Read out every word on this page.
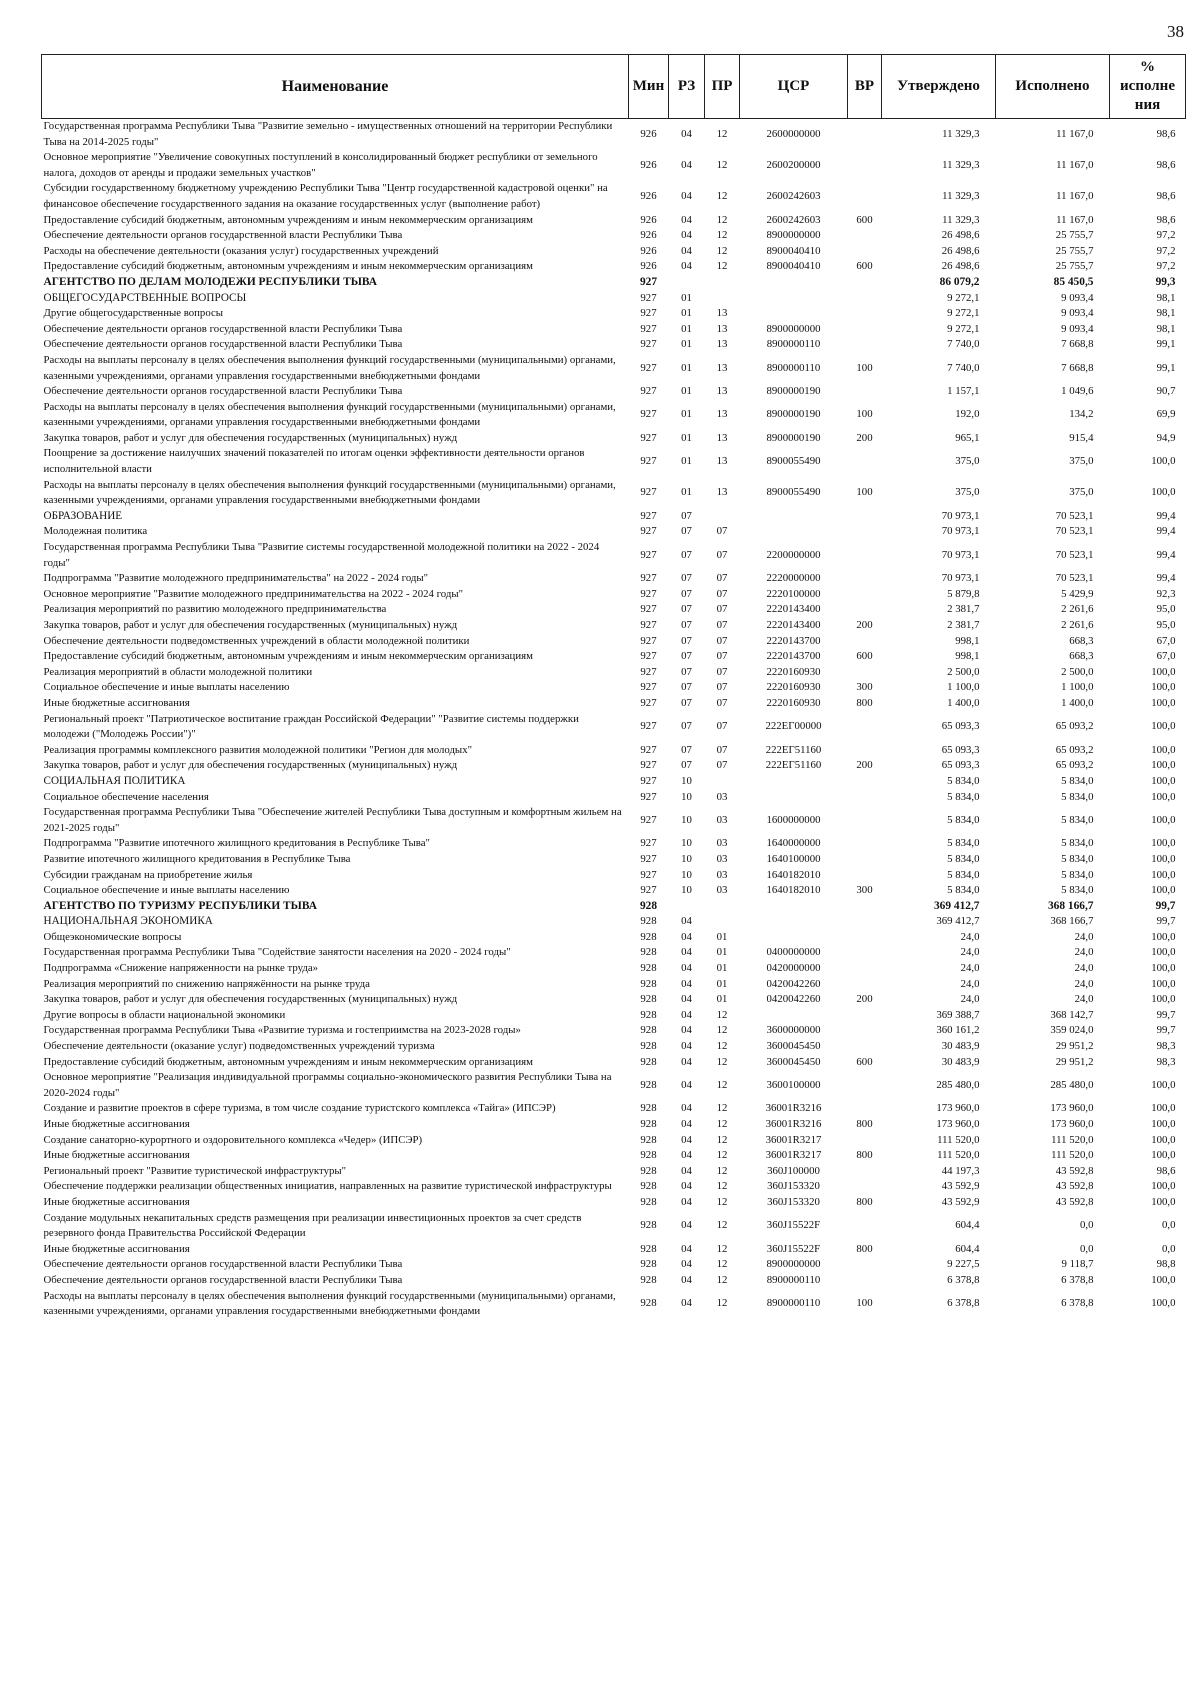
38
Наименование	Мин	РЗ	ПР	ЦСР	ВР	Утверждено	Исполнено	% исполне ния
Государственная программа Республики Тыва "Развитие земельно - имущественных отношений на территории Республики Тыва на 2014-2025 годы"	926	04	12	2600000000		11 329,3	11 167,0	98,6
Основное мероприятие "Увеличение совокупных поступлений в консолидированный бюджет республики от земельного налога, доходов от аренды и продажи земельных участков"	926	04	12	2600200000		11 329,3	11 167,0	98,6
Субсидии государственному бюджетному учреждению Республики Тыва "Центр государственной кадастровой оценки" на финансовое обеспечение государственного задания на оказание государственных услуг (выполнение работ)	926	04	12	2600242603		11 329,3	11 167,0	98,6
Предоставление субсидий бюджетным, автономным учреждениям и иным некоммерческим организациям	926	04	12	2600242603	600	11 329,3	11 167,0	98,6
Обеспечение деятельности органов государственной власти Республики Тыва	926	04	12	8900000000		26 498,6	25 755,7	97,2
Расходы на обеспечение деятельности (оказания услуг) государственных учреждений	926	04	12	8900040410		26 498,6	25 755,7	97,2
Предоставление субсидий бюджетным, автономным учреждениям и иным некоммерческим организациям	926	04	12	8900040410	600	26 498,6	25 755,7	97,2
АГЕНТСТВО ПО ДЕЛАМ МОЛОДЕЖИ РЕСПУБЛИКИ ТЫВА	927					86 079,2	85 450,5	99,3
ОБЩЕГОСУДАРСТВЕННЫЕ ВОПРОСЫ	927	01				9 272,1	9 093,4	98,1
Другие общегосударственные вопросы	927	01	13			9 272,1	9 093,4	98,1
Обеспечение деятельности органов государственной власти Республики Тыва	927	01	13	8900000000		9 272,1	9 093,4	98,1
Обеспечение деятельности органов государственной власти Республики Тыва	927	01	13	8900000110		7 740,0	7 668,8	99,1
Расходы на выплаты персоналу в целях обеспечения выполнения функций государственными (муниципальными) органами, казенными учреждениями, органами управления государственными внебюджетными фондами	927	01	13	8900000110	100	7 740,0	7 668,8	99,1
Обеспечение деятельности органов государственной власти Республики Тыва	927	01	13	8900000190		1 157,1	1 049,6	90,7
Расходы на выплаты персоналу в целях обеспечения выполнения функций государственными (муниципальными) органами, казенными учреждениями, органами управления государственными внебюджетными фондами	927	01	13	8900000190	100	192,0	134,2	69,9
Закупка товаров, работ и услуг для обеспечения государственных (муниципальных) нужд	927	01	13	8900000190	200	965,1	915,4	94,9
Поощрение за достижение наилучших значений показателей по итогам оценки эффективности деятельности органов исполнительной власти	927	01	13	8900055490		375,0	375,0	100,0
Расходы на выплаты персоналу в целях обеспечения выполнения функций государственными (муниципальными) органами, казенными учреждениями, органами управления государственными внебюджетными фондами	927	01	13	8900055490	100	375,0	375,0	100,0
ОБРАЗОВАНИЕ	927	07				70 973,1	70 523,1	99,4
Молодежная политика	927	07	07			70 973,1	70 523,1	99,4
Государственная программа Республики Тыва "Развитие системы государственной молодежной политики на 2022 - 2024 годы"	927	07	07	2200000000		70 973,1	70 523,1	99,4
Подпрограмма "Развитие молодежного предпринимательства" на 2022 - 2024 годы"	927	07	07	2220000000		70 973,1	70 523,1	99,4
Основное мероприятие "Развитие молодежного предпринимательства на 2022 - 2024 годы"	927	07	07	2220100000		5 879,8	5 429,9	92,3
Реализация мероприятий по развитию молодежного предпринимательства	927	07	07	2220143400		2 381,7	2 261,6	95,0
Закупка товаров, работ и услуг для обеспечения государственных (муниципальных) нужд	927	07	07	2220143400	200	2 381,7	2 261,6	95,0
Обеспечение деятельности подведомственных учреждений в области молодежной политики	927	07	07	2220143700		998,1	668,3	67,0
Предоставление субсидий бюджетным, автономным учреждениям и иным некоммерческим организациям	927	07	07	2220143700	600	998,1	668,3	67,0
Реализация мероприятий в области молодежной политики	927	07	07	2220160930		2 500,0	2 500,0	100,0
Социальное обеспечение и иные выплаты населению	927	07	07	2220160930	300	1 100,0	1 100,0	100,0
Иные бюджетные ассигнования	927	07	07	2220160930	800	1 400,0	1 400,0	100,0
Региональный проект "Патриотическое воспитание граждан Российской Федерации" "Развитие системы поддержки молодежи ("Молодежь России")"	927	07	07	222ЕГ00000		65 093,3	65 093,2	100,0
Реализация программы комплексного развития молодежной политики "Регион для молодых"	927	07	07	222ЕГ51160		65 093,3	65 093,2	100,0
Закупка товаров, работ и услуг для обеспечения государственных (муниципальных) нужд	927	07	07	222ЕГ51160	200	65 093,3	65 093,2	100,0
СОЦИАЛЬНАЯ ПОЛИТИКА	927	10				5 834,0	5 834,0	100,0
Социальное обеспечение населения	927	10	03			5 834,0	5 834,0	100,0
Государственная программа Республики Тыва "Обеспечение жителей Республики Тыва доступным и комфортным жильем на 2021-2025 годы"	927	10	03	1600000000		5 834,0	5 834,0	100,0
Подпрограмма "Развитие ипотечного жилищного кредитования в Республике Тыва"	927	10	03	1640000000		5 834,0	5 834,0	100,0
Развитие ипотечного жилищного кредитования в Республике Тыва	927	10	03	1640100000		5 834,0	5 834,0	100,0
Субсидии гражданам на приобретение жилья	927	10	03	1640182010		5 834,0	5 834,0	100,0
Социальное обеспечение и иные выплаты населению	927	10	03	1640182010	300	5 834,0	5 834,0	100,0
АГЕНТСТВО ПО ТУРИЗМУ РЕСПУБЛИКИ ТЫВА	928					369 412,7	368 166,7	99,7
НАЦИОНАЛЬНАЯ ЭКОНОМИКА	928	04				369 412,7	368 166,7	99,7
Общеэкономические вопросы	928	04	01			24,0	24,0	100,0
Государственная программа Республики Тыва "Содействие занятости населения на 2020 - 2024 годы"	928	04	01	0400000000		24,0	24,0	100,0
Подпрограмма «Снижение напряженности на рынке труда»	928	04	01	0420000000		24,0	24,0	100,0
Реализация мероприятий по снижению напряжённости на рынке труда	928	04	01	0420042260		24,0	24,0	100,0
Закупка товаров, работ и услуг для обеспечения государственных (муниципальных) нужд	928	04	01	0420042260	200	24,0	24,0	100,0
Другие вопросы в области национальной экономики	928	04	12			369 388,7	368 142,7	99,7
Государственная программа Республики Тыва «Развитие туризма и гостеприимства на 2023-2028 годы»	928	04	12	3600000000		360 161,2	359 024,0	99,7
Обеспечение деятельности (оказание услуг) подведомственных учреждений туризма	928	04	12	3600045450		30 483,9	29 951,2	98,3
Предоставление субсидий бюджетным, автономным учреждениям и иным некоммерческим организациям	928	04	12	3600045450	600	30 483,9	29 951,2	98,3
Основное мероприятие "Реализация индивидуальной программы социально-экономического развития Республики Тыва на 2020-2024 годы"	928	04	12	3600100000		285 480,0	285 480,0	100,0
Создание и развитие проектов в сфере туризма, в том числе создание туристского комплекса «Тайга» (ИПСЭР)	928	04	12	36001R3216		173 960,0	173 960,0	100,0
Иные бюджетные ассигнования	928	04	12	36001R3216	800	173 960,0	173 960,0	100,0
Создание санаторно-курортного и оздоровительного комплекса «Чедер» (ИПСЭР)	928	04	12	36001R3217		111 520,0	111 520,0	100,0
Иные бюджетные ассигнования	928	04	12	36001R3217	800	111 520,0	111 520,0	100,0
Региональный проект "Развитие туристической инфраструктуры"	928	04	12	360J100000		44 197,3	43 592,8	98,6
Обеспечение поддержки реализации общественных инициатив, направленных на развитие туристической инфраструктуры	928	04	12	360J153320		43 592,9	43 592,8	100,0
Иные бюджетные ассигнования	928	04	12	360J153320	800	43 592,9	43 592,8	100,0
Создание модульных некапитальных средств размещения при реализации инвестиционных проектов за счет средств резервного фонда Правительства Российской Федерации	928	04	12	360J15522F		604,4	0,0	0,0
Иные бюджетные ассигнования	928	04	12	360J15522F	800	604,4	0,0	0,0
Обеспечение деятельности органов государственной власти Республики Тыва	928	04	12	8900000000		9 227,5	9 118,7	98,8
Обеспечение деятельности органов государственной власти Республики Тыва	928	04	12	8900000110		6 378,8	6 378,8	100,0
Расходы на выплаты персоналу в целях обеспечения выполнения функций государственными (муниципальными) органами, казенными учреждениями, органами управления государственными внебюджетными фондами	928	04	12	8900000110	100	6 378,8	6 378,8	100,0
